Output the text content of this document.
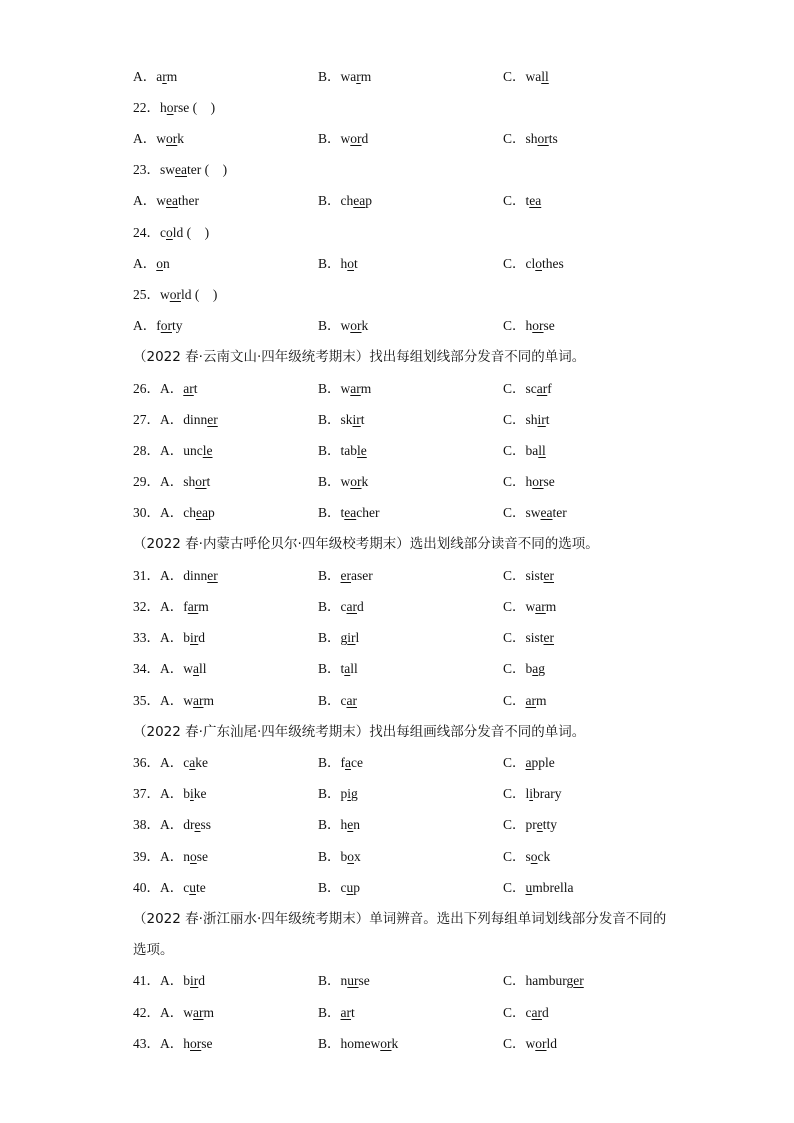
A．arm	B．warm	C．wall
22．horse (　)
A．work	B．word	C．shorts
23．sweater (　)
A．weather	B．cheap	C．tea
24．cold (　)
A．on	B．hot	C．clothes
25．world (　)
A．forty	B．work	C．horse
（2022 春·云南文山·四年级统考期末）找出每组划线部分发音不同的单词。
26．A．art	B．warm	C．scarf
27．A．dinner	B．skirt	C．shirt
28．A．uncle	B．table	C．ball
29．A．short	B．work	C．horse
30．A．cheap	B．teacher	C．sweater
（2022 春·内蒙古呼伦贝尔·四年级校考期末）选出划线部分读音不同的选项。
31．A．dinner	B．eraser	C．sister
32．A．farm	B．card	C．warm
33．A．bird	B．girl	C．sister
34．A．wall	B．tall	C．bag
35．A．warm	B．car	C．arm
（2022 春·广东汕尾·四年级统考期末）找出每组画线部分发音不同的单词。
36．A．cake	B．face	C．apple
37．A．bike	B．pig	C．library
38．A．dress	B．hen	C．pretty
39．A．nose	B．box	C．sock
40．A．cute	B．cup	C．umbrella
（2022 春·浙江丽水·四年级统考期末）单词辨音。选出下列每组单词划线部分发音不同的选项。
41．A．bird	B．nurse	C．hamburger
42．A．warm	B．art	C．card
43．A．horse	B．homework	C．world
